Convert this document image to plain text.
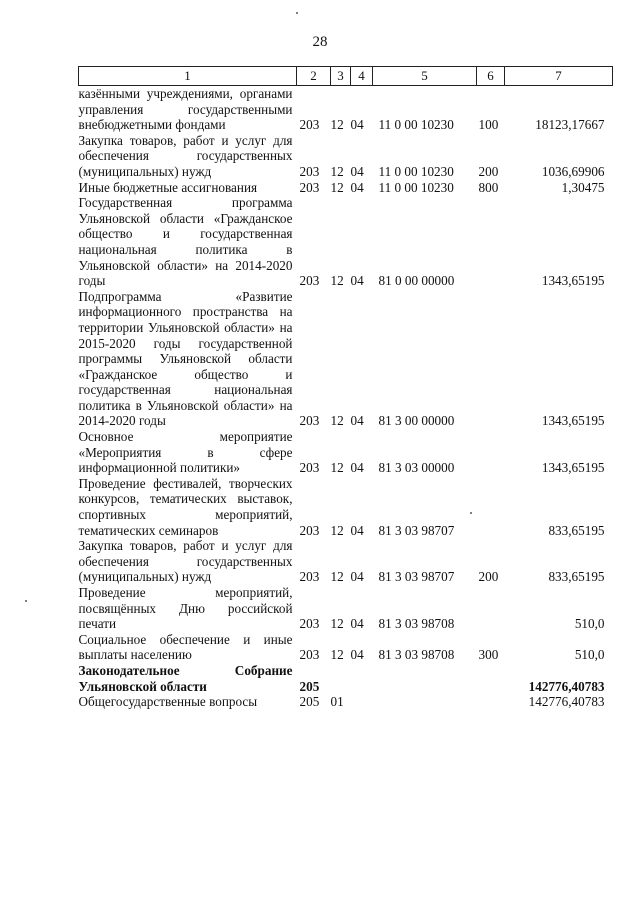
28
1	2	3	4	5	6	7
казёнными учреждениями, органами управления государственными внебюджетными фондами	203	12	04	11 0 00 10230	100	18123,17667
Закупка товаров, работ и услуг для обеспечения государственных (муниципальных) нужд	203	12	04	11 0 00 10230	200	1036,69906
Иные бюджетные ассигнования	203	12	04	11 0 00 10230	800	1,30475
Государственная программа Ульяновской области «Гражданское общество и государственная национальная политика в Ульяновской области» на 2014-2020 годы	203	12	04	81 0 00 00000		1343,65195
Подпрограмма «Развитие информационного пространства на территории Ульяновской области» на 2015-2020 годы государственной программы Ульяновской области «Гражданское общество и государственная национальная политика в Ульяновской области» на 2014-2020 годы	203	12	04	81 3 00 00000		1343,65195
Основное мероприятие «Мероприятия в сфере информационной политики»	203	12	04	81 3 03 00000		1343,65195
Проведение фестивалей, творческих конкурсов, тематических выставок, спортивных мероприятий, тематических семинаров	203	12	04	81 3 03 98707		833,65195
Закупка товаров, работ и услуг для обеспечения государственных (муниципальных) нужд	203	12	04	81 3 03 98707	200	833,65195
Проведение мероприятий, посвящённых Дню российской печати	203	12	04	81 3 03 98708		510,0
Социальное обеспечение и иные выплаты населению	203	12	04	81 3 03 98708	300	510,0
Законодательное Собрание Ульяновской области	205					142776,40783
Общегосударственные вопросы	205	01				142776,40783
